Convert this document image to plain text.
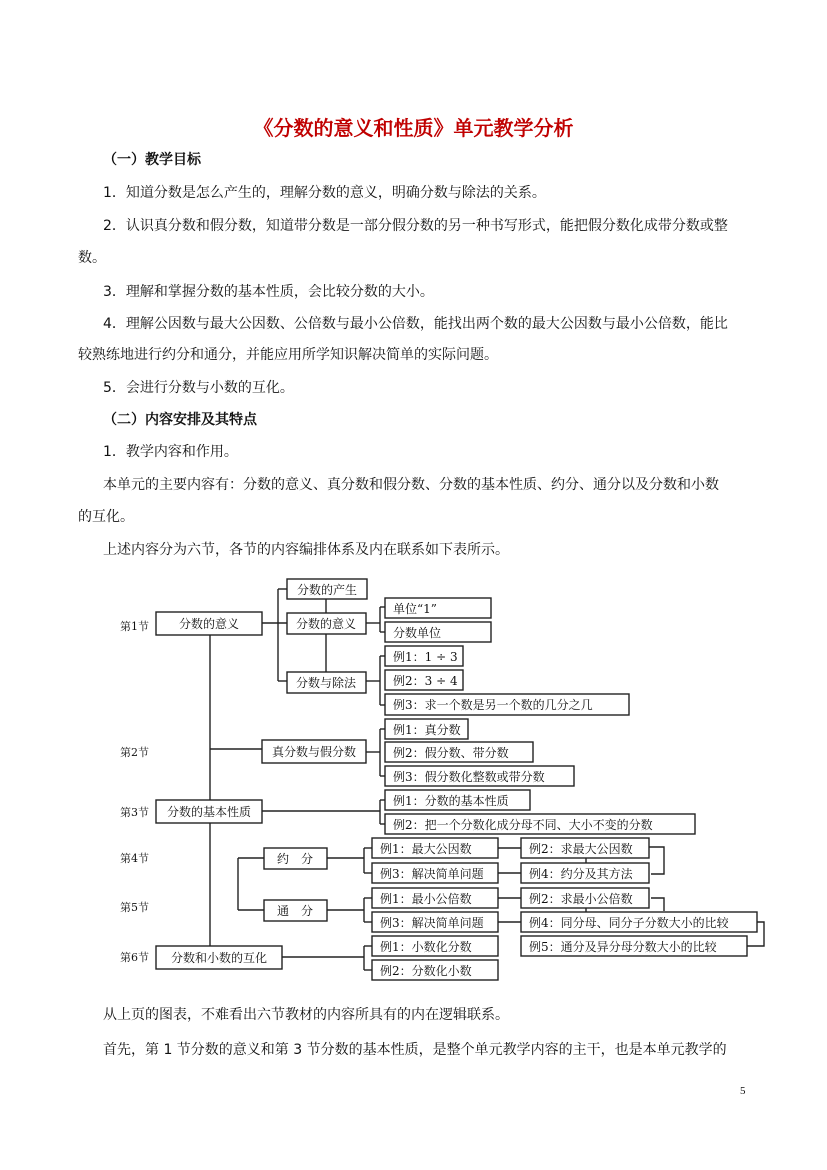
《分数的意义和性质》单元教学分析
（一）教学目标
1．知道分数是怎么产生的，理解分数的意义，明确分数与除法的关系。
2．认识真分数和假分数，知道带分数是一部分假分数的另一种书写形式，能把假分数化成带分数或整
数。
3．理解和掌握分数的基本性质，会比较分数的大小。
4．理解公因数与最大公因数、公倍数与最小公倍数，能找出两个数的最大公因数与最小公倍数，能比
较熟练地进行约分和通分，并能应用所学知识解决简单的实际问题。
5．会进行分数与小数的互化。
（二）内容安排及其特点
1．教学内容和作用。
本单元的主要内容有：分数的意义、真分数和假分数、分数的基本性质、约分、通分以及分数和小数
的互化。
上述内容分为六节，各节的内容编排体系及内在联系如下表所示。
第1节
第2节
第3节
第4节
第5节
第6节
分数的意义
分数的产生
分数的意义
分数与除法
单位“1”
分数单位
例1：1 ÷ 3
例2：3 ÷ 4
例3：求一个数是另一个数的几分之几
真分数与假分数
例1：真分数
例2：假分数、带分数
例3：假分数化整数或带分数
分数的基本性质
例1：分数的基本性质
例2：把一个分数化成分母不同、大小不变的分数
约　分
例1：最大公因数
例3：解决简单问题
例2：求最大公因数
例4：约分及其方法
通　分
例1：最小公倍数
例3：解决简单问题
例2：求最小公倍数
例4：同分母、同分子分数大小的比较
例5：通分及异分母分数大小的比较
分数和小数的互化
例1：小数化分数
例2：分数化小数
从上页的图表，不难看出六节教材的内容所具有的内在逻辑联系。
首先，第 1 节分数的意义和第 3 节分数的基本性质，是整个单元教学内容的主干，也是本单元教学的
5
